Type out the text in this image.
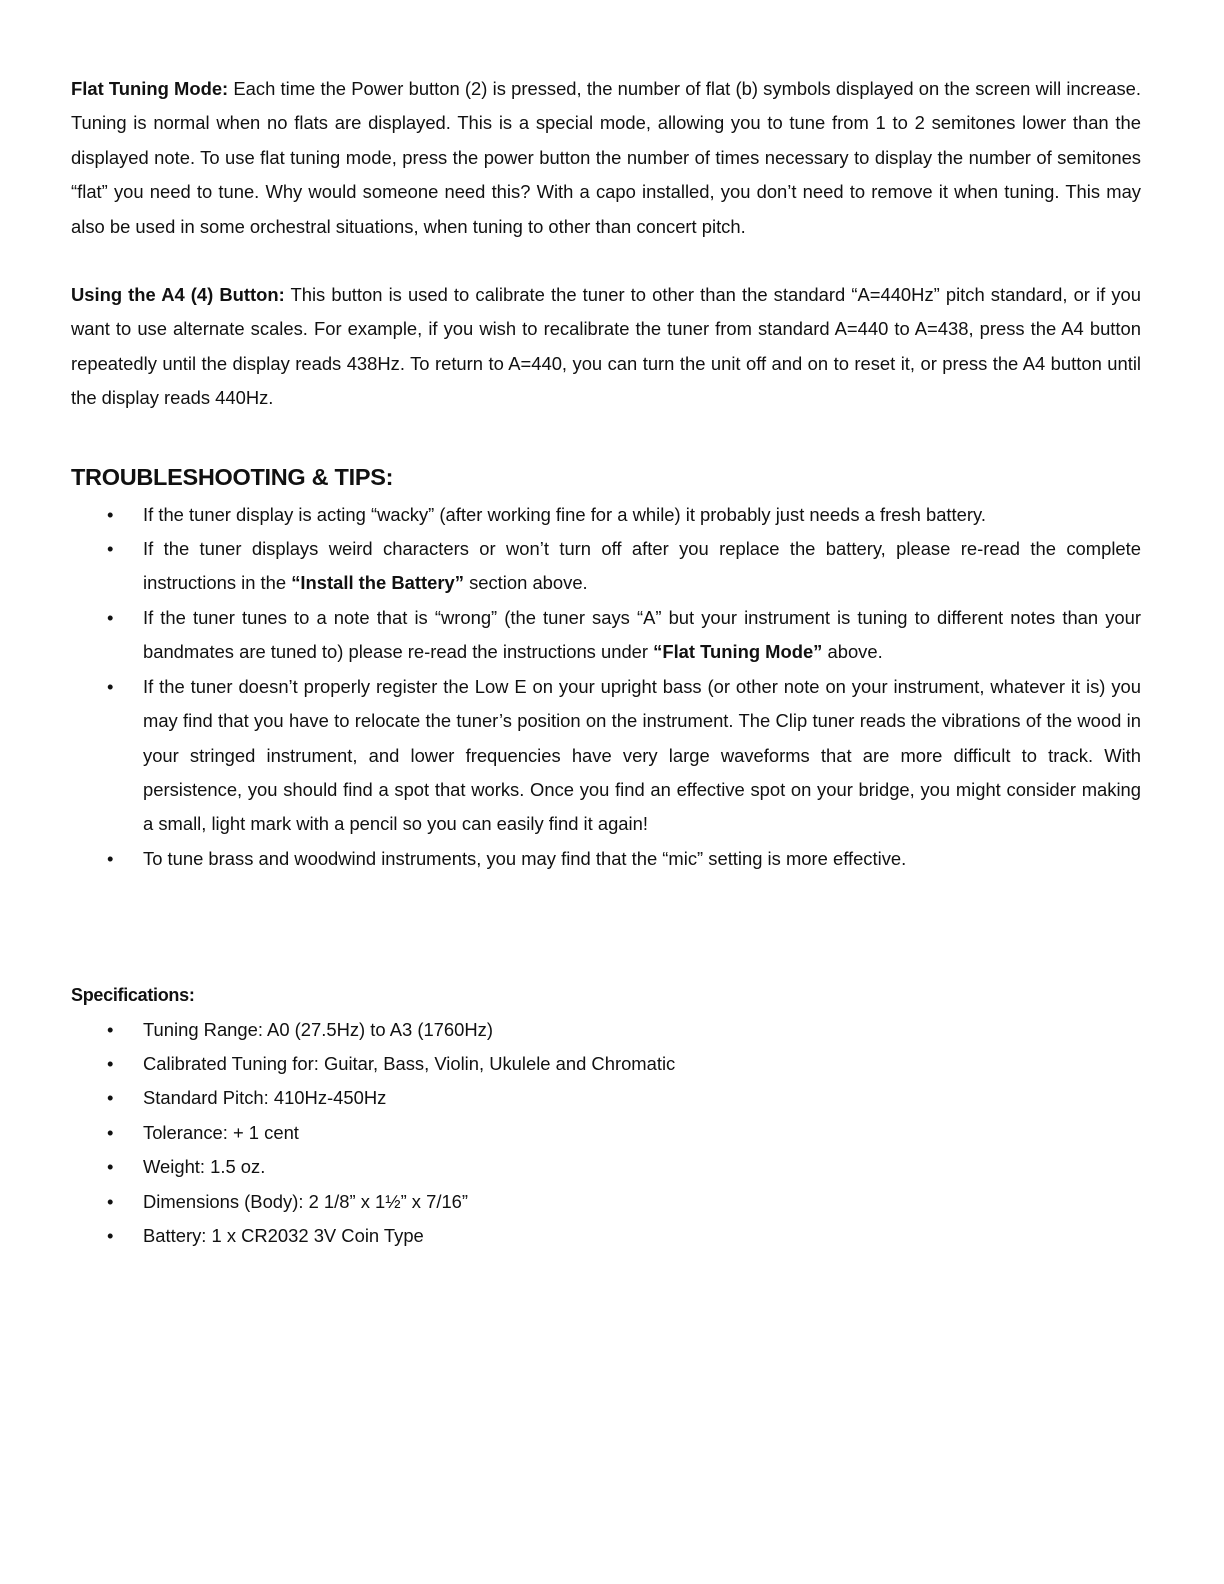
Flat Tuning Mode: Each time the Power button (2) is pressed, the number of flat (b) symbols displayed on the screen will increase. Tuning is normal when no flats are displayed. This is a special mode, allowing you to tune from 1 to 2 semitones lower than the displayed note. To use flat tuning mode, press the power button the number of times necessary to display the number of semitones “flat” you need to tune. Why would someone need this? With a capo installed, you don’t need to remove it when tuning. This may also be used in some orchestral situations, when tuning to other than concert pitch.

Using the A4 (4) Button: This button is used to calibrate the tuner to other than the standard “A=440Hz” pitch standard, or if you want to use alternate scales. For example, if you wish to recalibrate the tuner from standard A=440 to A=438, press the A4 button repeatedly until the display reads 438Hz. To return to A=440, you can turn the unit off and on to reset it, or press the A4 button until the display reads 440Hz.

TROUBLESHOOTING & TIPS:
• If the tuner display is acting “wacky” (after working fine for a while) it probably just needs a fresh battery.
• If the tuner displays weird characters or won’t turn off after you replace the battery, please re-read the complete instructions in the “Install the Battery” section above.
• If the tuner tunes to a note that is “wrong” (the tuner says “A” but your instrument is tuning to different notes than your bandmates are tuned to) please re-read the instructions under “Flat Tuning Mode” above.
• If the tuner doesn’t properly register the Low E on your upright bass (or other note on your instrument, whatever it is) you may find that you have to relocate the tuner’s position on the instrument. The Clip tuner reads the vibrations of the wood in your stringed instrument, and lower frequencies have very large waveforms that are more difficult to track. With persistence, you should find a spot that works. Once you find an effective spot on your bridge, you might consider making a small, light mark with a pencil so you can easily find it again!
• To tune brass and woodwind instruments, you may find that the “mic” setting is more effective.
Specifications:
• Tuning Range: A0 (27.5Hz) to A3 (1760Hz)
• Calibrated Tuning for: Guitar, Bass, Violin, Ukulele and Chromatic
• Standard Pitch: 410Hz-450Hz
• Tolerance: + 1 cent
• Weight: 1.5 oz.
• Dimensions (Body): 2 1/8” x 1½” x 7/16”
• Battery: 1 x CR2032 3V Coin Type
